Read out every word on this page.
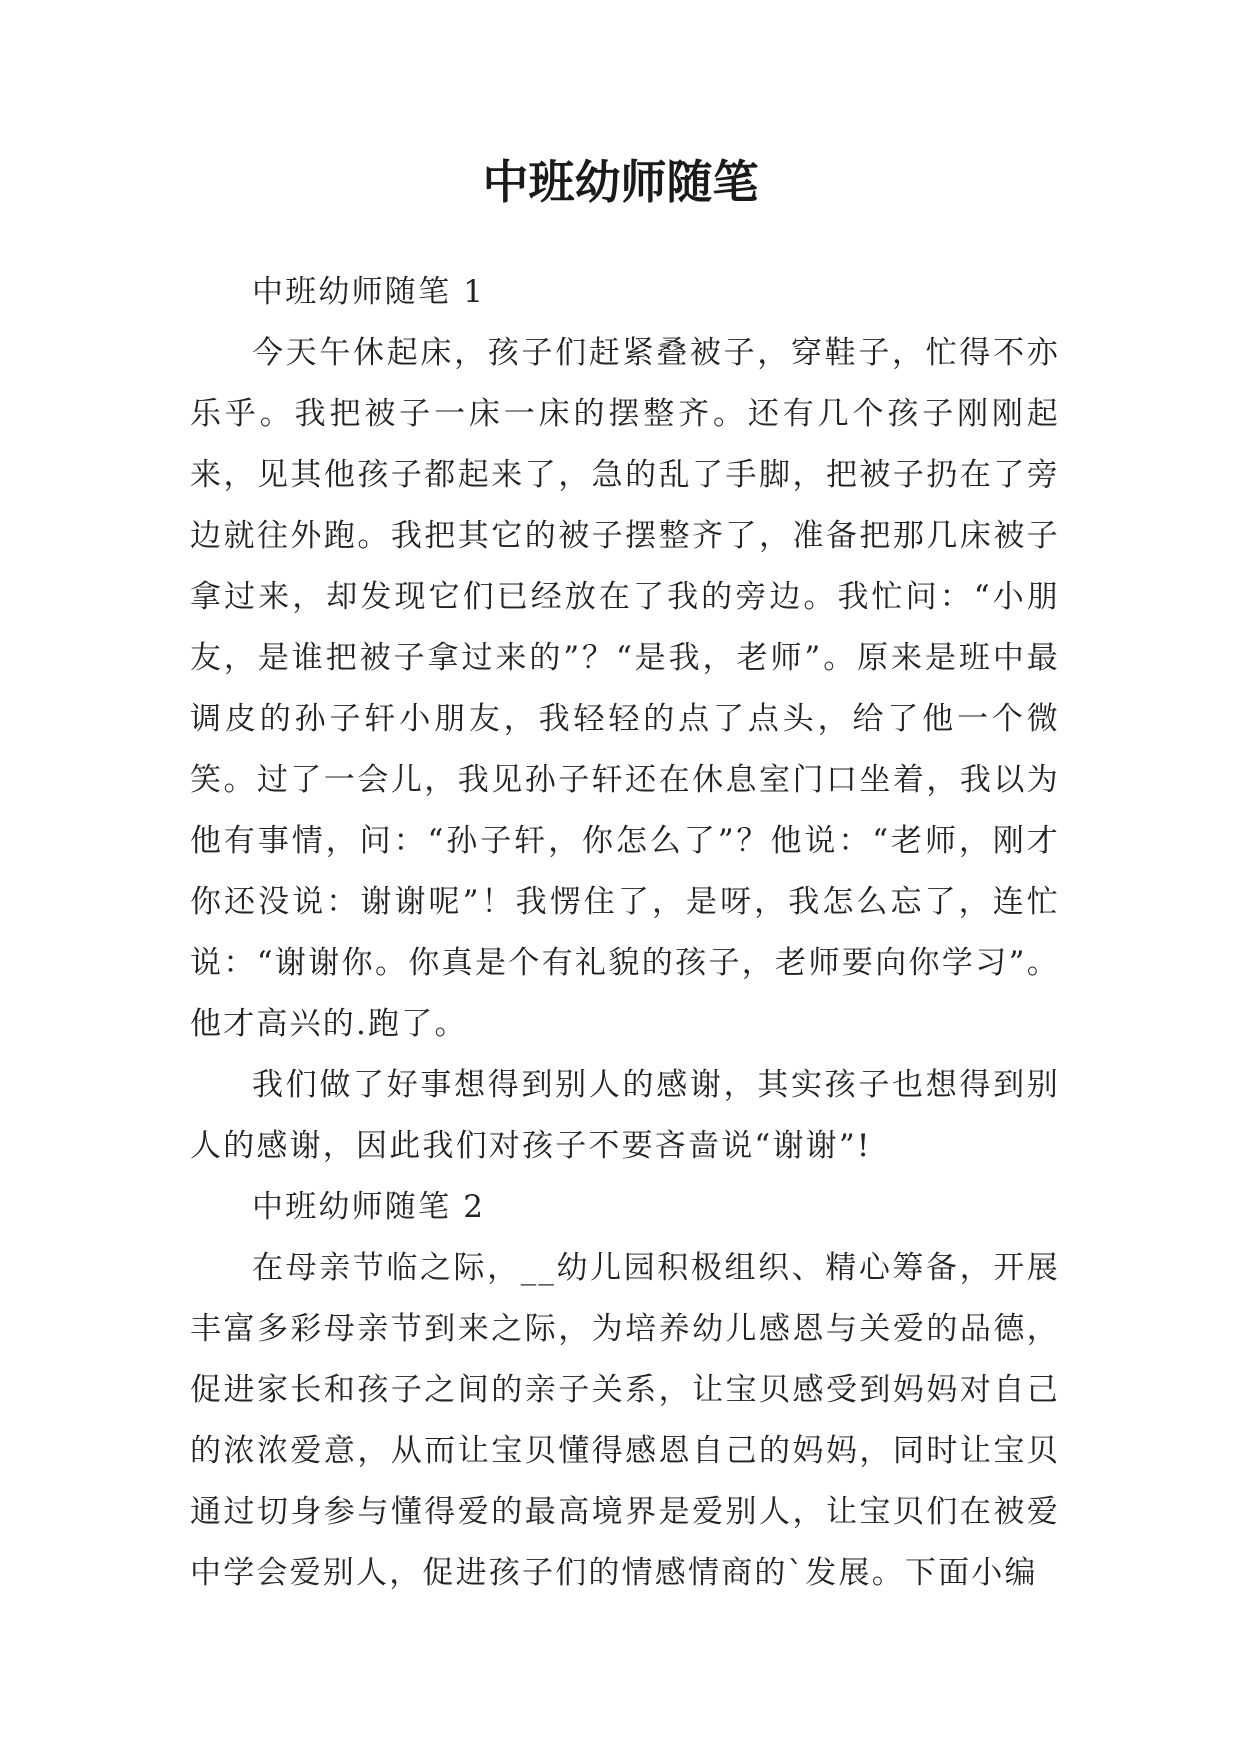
中班幼师随笔

中班幼师随笔 1

今天午休起床，孩子们赶紧叠被子，穿鞋子，忙得不亦乐乎。我把被子一床一床的摆整齐。还有几个孩子刚刚起来，见其他孩子都起来了，急的乱了手脚，把被子扔在了旁边就往外跑。我把其它的被子摆整齐了，准备把那几床被子拿过来，却发现它们已经放在了我的旁边。我忙问：“小朋友，是谁把被子拿过来的”？“是我，老师”。原来是班中最调皮的孙子轩小朋友，我轻轻的点了点头，给了他一个微笑。过了一会儿，我见孙子轩还在休息室门口坐着，我以为他有事情，问：“孙子轩，你怎么了”？他说：“老师，刚才你还没说：谢谢呢”！我愣住了，是呀，我怎么忘了，连忙说：“谢谢你。你真是个有礼貌的孩子，老师要向你学习”。他才高兴的.跑了。

我们做了好事想得到别人的感谢，其实孩子也想得到别人的感谢，因此我们对孩子不要吝啬说“谢谢”!

中班幼师随笔 2

在母亲节临之际，__幼儿园积极组织、精心筹备，开展丰富多彩母亲节到来之际，为培养幼儿感恩与关爱的品德，促进家长和孩子之间的亲子关系，让宝贝感受到妈妈对自己的浓浓爱意，从而让宝贝懂得感恩自己的妈妈，同时让宝贝通过切身参与懂得爱的最高境界是爱别人，让宝贝们在被爱中学会爱别人，促进孩子们的情感情商的`发展。下面小编
